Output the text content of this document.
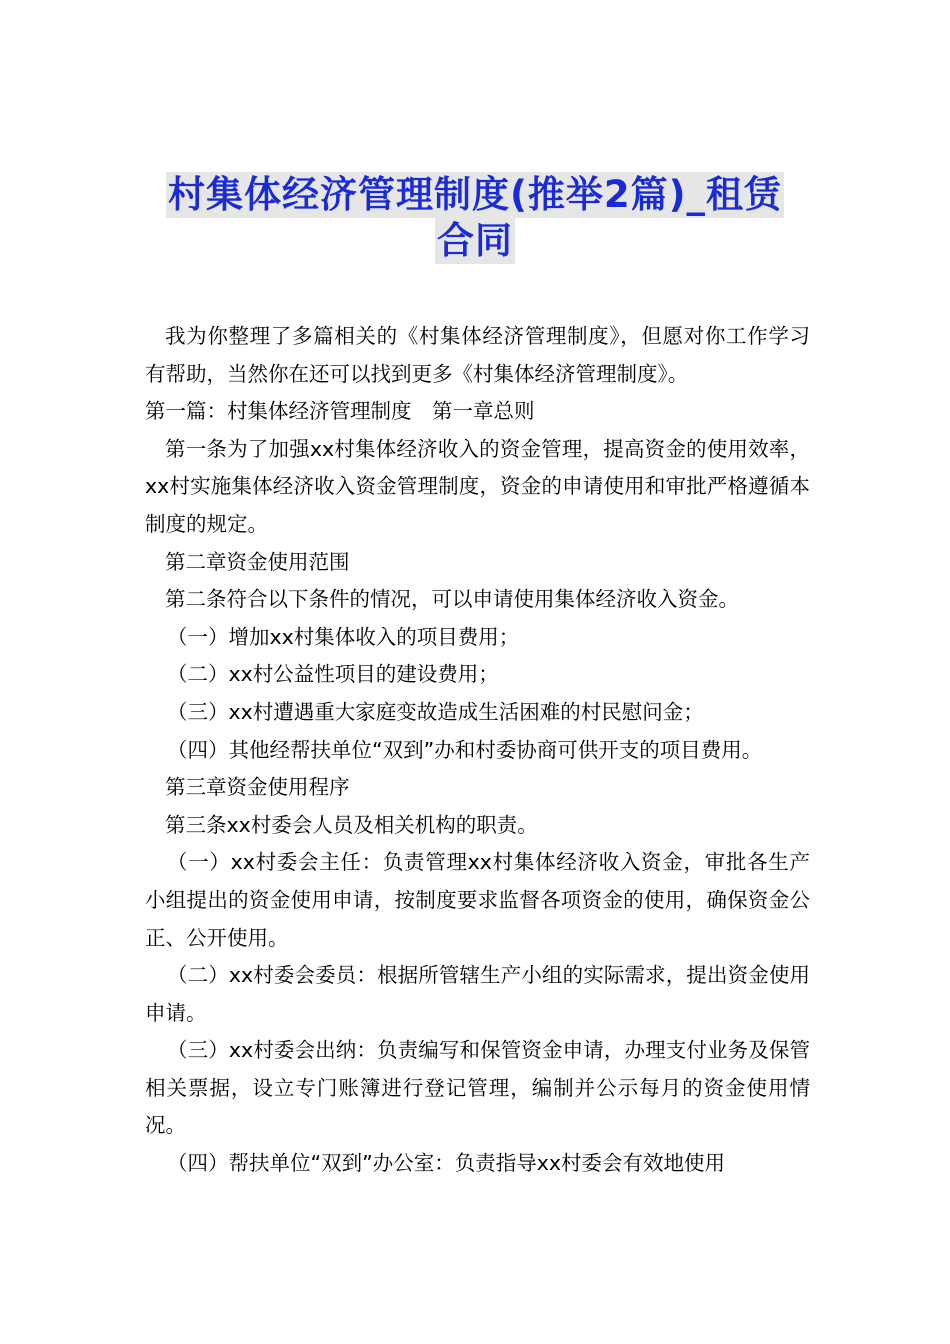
村集体经济管理制度(推举2篇)_租赁
合同

我为你整理了多篇相关的《村集体经济管理制度》，但愿对你工作学习有帮助，当然你在还可以找到更多《村集体经济管理制度》。

第一篇：村集体经济管理制度　第一章总则

第一条为了加强xx村集体经济收入的资金管理，提高资金的使用效率，xx村实施集体经济收入资金管理制度，资金的申请使用和审批严格遵循本制度的规定。

第二章资金使用范围

第二条符合以下条件的情况，可以申请使用集体经济收入资金。

（一）增加xx村集体收入的项目费用；

（二）xx村公益性项目的建设费用；

（三）xx村遭遇重大家庭变故造成生活困难的村民慰问金；

（四）其他经帮扶单位“双到”办和村委协商可供开支的项目费用。

第三章资金使用程序

第三条xx村委会人员及相关机构的职责。

（一）xx村委会主任：负责管理xx村集体经济收入资金，审批各生产小组提出的资金使用申请，按制度要求监督各项资金的使用，确保资金公正、公开使用。

（二）xx村委会委员：根据所管辖生产小组的实际需求，提出资金使用申请。

（三）xx村委会出纳：负责编写和保管资金申请，办理支付业务及保管相关票据，设立专门账簿进行登记管理，编制并公示每月的资金使用情况。

（四）帮扶单位“双到”办公室：负责指导xx村委会有效地使用
